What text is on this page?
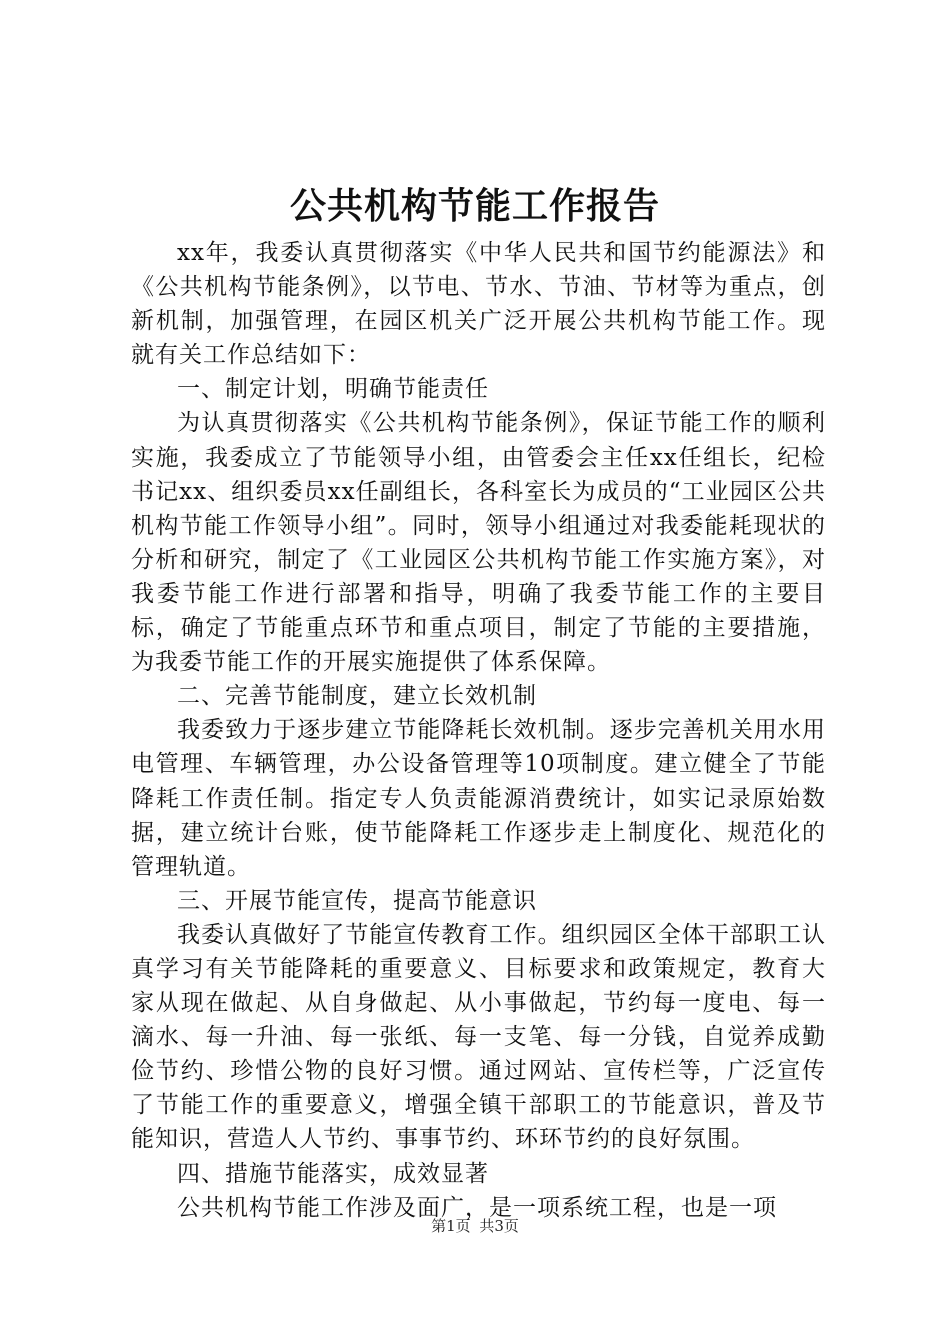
公共机构节能工作报告

xx年，我委认真贯彻落实《中华人民共和国节约能源法》和《公共机构节能条例》，以节电、节水、节油、节材等为重点，创新机制，加强管理，在园区机关广泛开展公共机构节能工作。现就有关工作总结如下：

一、制定计划，明确节能责任

为认真贯彻落实《公共机构节能条例》，保证节能工作的顺利实施，我委成立了节能领导小组，由管委会主任xx任组长，纪检书记xx、组织委员xx任副组长，各科室长为成员的“工业园区公共机构节能工作领导小组”。同时，领导小组通过对我委能耗现状的分析和研究，制定了《工业园区公共机构节能工作实施方案》，对我委节能工作进行部署和指导，明确了我委节能工作的主要目标，确定了节能重点环节和重点项目，制定了节能的主要措施，为我委节能工作的开展实施提供了体系保障。

二、完善节能制度，建立长效机制

我委致力于逐步建立节能降耗长效机制。逐步完善机关用水用电管理、车辆管理，办公设备管理等10项制度。建立健全了节能降耗工作责任制。指定专人负责能源消费统计，如实记录原始数据，建立统计台账，使节能降耗工作逐步走上制度化、规范化的管理轨道。

三、开展节能宣传，提高节能意识

我委认真做好了节能宣传教育工作。组织园区全体干部职工认真学习有关节能降耗的重要意义、目标要求和政策规定，教育大家从现在做起、从自身做起、从小事做起，节约每一度电、每一滴水、每一升油、每一张纸、每一支笔、每一分钱，自觉养成勤俭节约、珍惜公物的良好习惯。通过网站、宣传栏等，广泛宣传了节能工作的重要意义，增强全镇干部职工的节能意识，普及节能知识，营造人人节约、事事节约、环环节约的良好氛围。

四、措施节能落实，成效显著

公共机构节能工作涉及面广，是一项系统工程，也是一项

第1页 共3页
